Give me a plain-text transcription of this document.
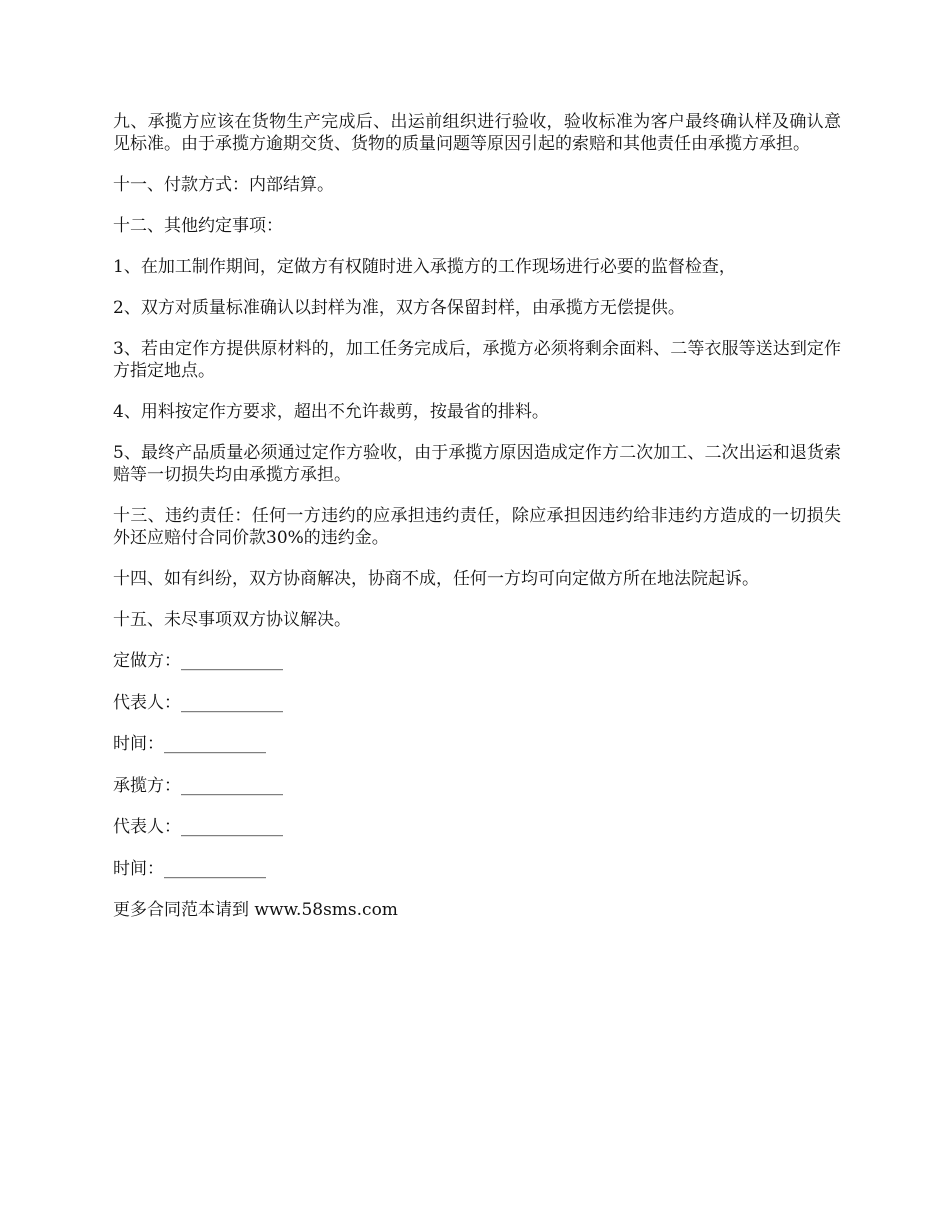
九、承揽方应该在货物生产完成后、出运前组织进行验收，验收标准为客户最终确认样及确认意见标准。由于承揽方逾期交货、货物的质量问题等原因引起的索赔和其他责任由承揽方承担。

十一、付款方式：内部结算。

十二、其他约定事项：

1、在加工制作期间，定做方有权随时进入承揽方的工作现场进行必要的监督检查，

2、双方对质量标准确认以封样为准，双方各保留封样，由承揽方无偿提供。

3、若由定作方提供原材料的，加工任务完成后，承揽方必须将剩余面料、二等衣服等送达到定作方指定地点。

4、用料按定作方要求，超出不允许裁剪，按最省的排料。

5、最终产品质量必须通过定作方验收，由于承揽方原因造成定作方二次加工、二次出运和退货索赔等一切损失均由承揽方承担。

十三、违约责任：任何一方违约的应承担违约责任，除应承担因违约给非违约方造成的一切损失外还应赔付合同价款30%的违约金。

十四、如有纠纷，双方协商解决，协商不成，任何一方均可向定做方所在地法院起诉。

十五、未尽事项双方协议解决。

定做方：____________

代表人：____________

时间：____________

承揽方：____________

代表人：____________

时间：____________

更多合同范本请到 www.58sms.com
